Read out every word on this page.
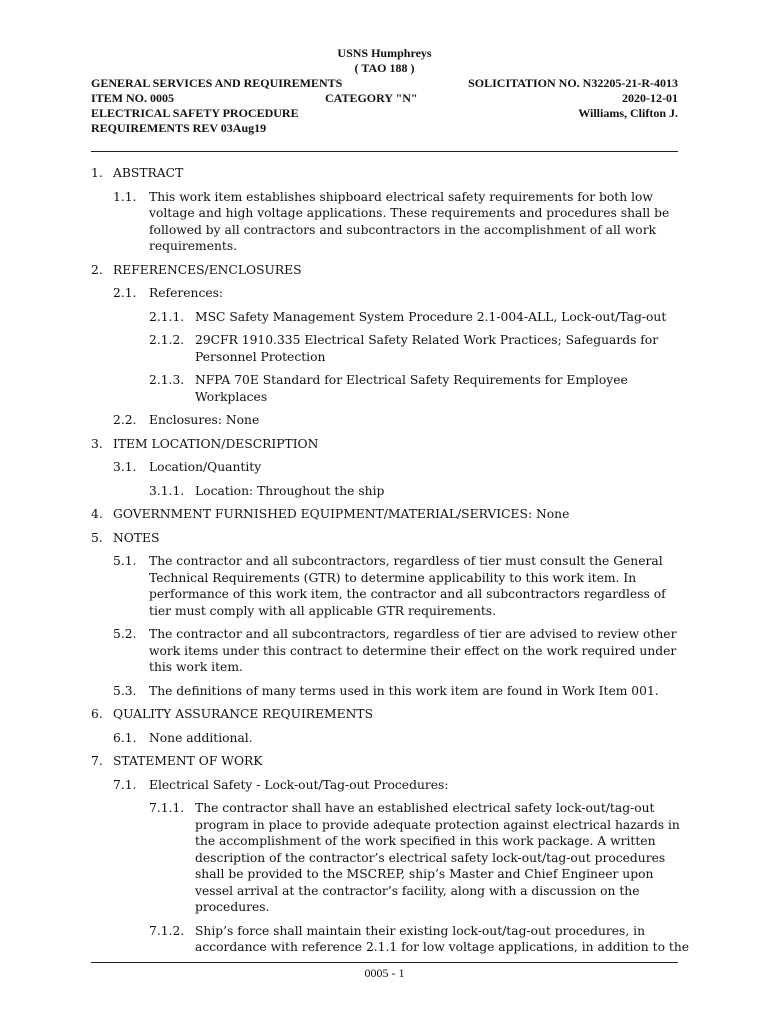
USNS Humphreys
( TAO 188 )
GENERAL SERVICES AND REQUIREMENTS	SOLICITATION NO. N32205-21-R-4013
ITEM NO. 0005	CATEGORY "N"	2020-12-01
ELECTRICAL SAFETY PROCEDURE	Williams, Clifton J.
REQUIREMENTS REV 03Aug19
1. ABSTRACT
1.1.	This work item establishes shipboard electrical safety requirements for both low voltage and high voltage applications. These requirements and procedures shall be followed by all contractors and subcontractors in the accomplishment of all work requirements.
2. REFERENCES/ENCLOSURES
2.1.	References:
2.1.1. MSC Safety Management System Procedure 2.1-004-ALL, Lock-out/Tag-out
2.1.2. 29CFR 1910.335 Electrical Safety Related Work Practices; Safeguards for Personnel Protection
2.1.3. NFPA 70E Standard for Electrical Safety Requirements for Employee Workplaces
2.2.	Enclosures: None
3. ITEM LOCATION/DESCRIPTION
3.1.	Location/Quantity
3.1.1. Location: Throughout the ship
4. GOVERNMENT FURNISHED EQUIPMENT/MATERIAL/SERVICES: None
5. NOTES
5.1.	The contractor and all subcontractors, regardless of tier must consult the General Technical Requirements (GTR) to determine applicability to this work item. In performance of this work item, the contractor and all subcontractors regardless of tier must comply with all applicable GTR requirements.
5.2.	The contractor and all subcontractors, regardless of tier are advised to review other work items under this contract to determine their effect on the work required under this work item.
5.3.	The definitions of many terms used in this work item are found in Work Item 001.
6. QUALITY ASSURANCE REQUIREMENTS
6.1.	None additional.
7. STATEMENT OF WORK
7.1.	Electrical Safety - Lock-out/Tag-out Procedures:
7.1.1. The contractor shall have an established electrical safety lock-out/tag-out program in place to provide adequate protection against electrical hazards in the accomplishment of the work specified in this work package. A written description of the contractor’s electrical safety lock-out/tag-out procedures shall be provided to the MSCREP, ship’s Master and Chief Engineer upon vessel arrival at the contractor’s facility, along with a discussion on the procedures.
7.1.2. Ship’s force shall maintain their existing lock-out/tag-out procedures, in accordance with reference 2.1.1 for low voltage applications, in addition to the
0005 - 1
